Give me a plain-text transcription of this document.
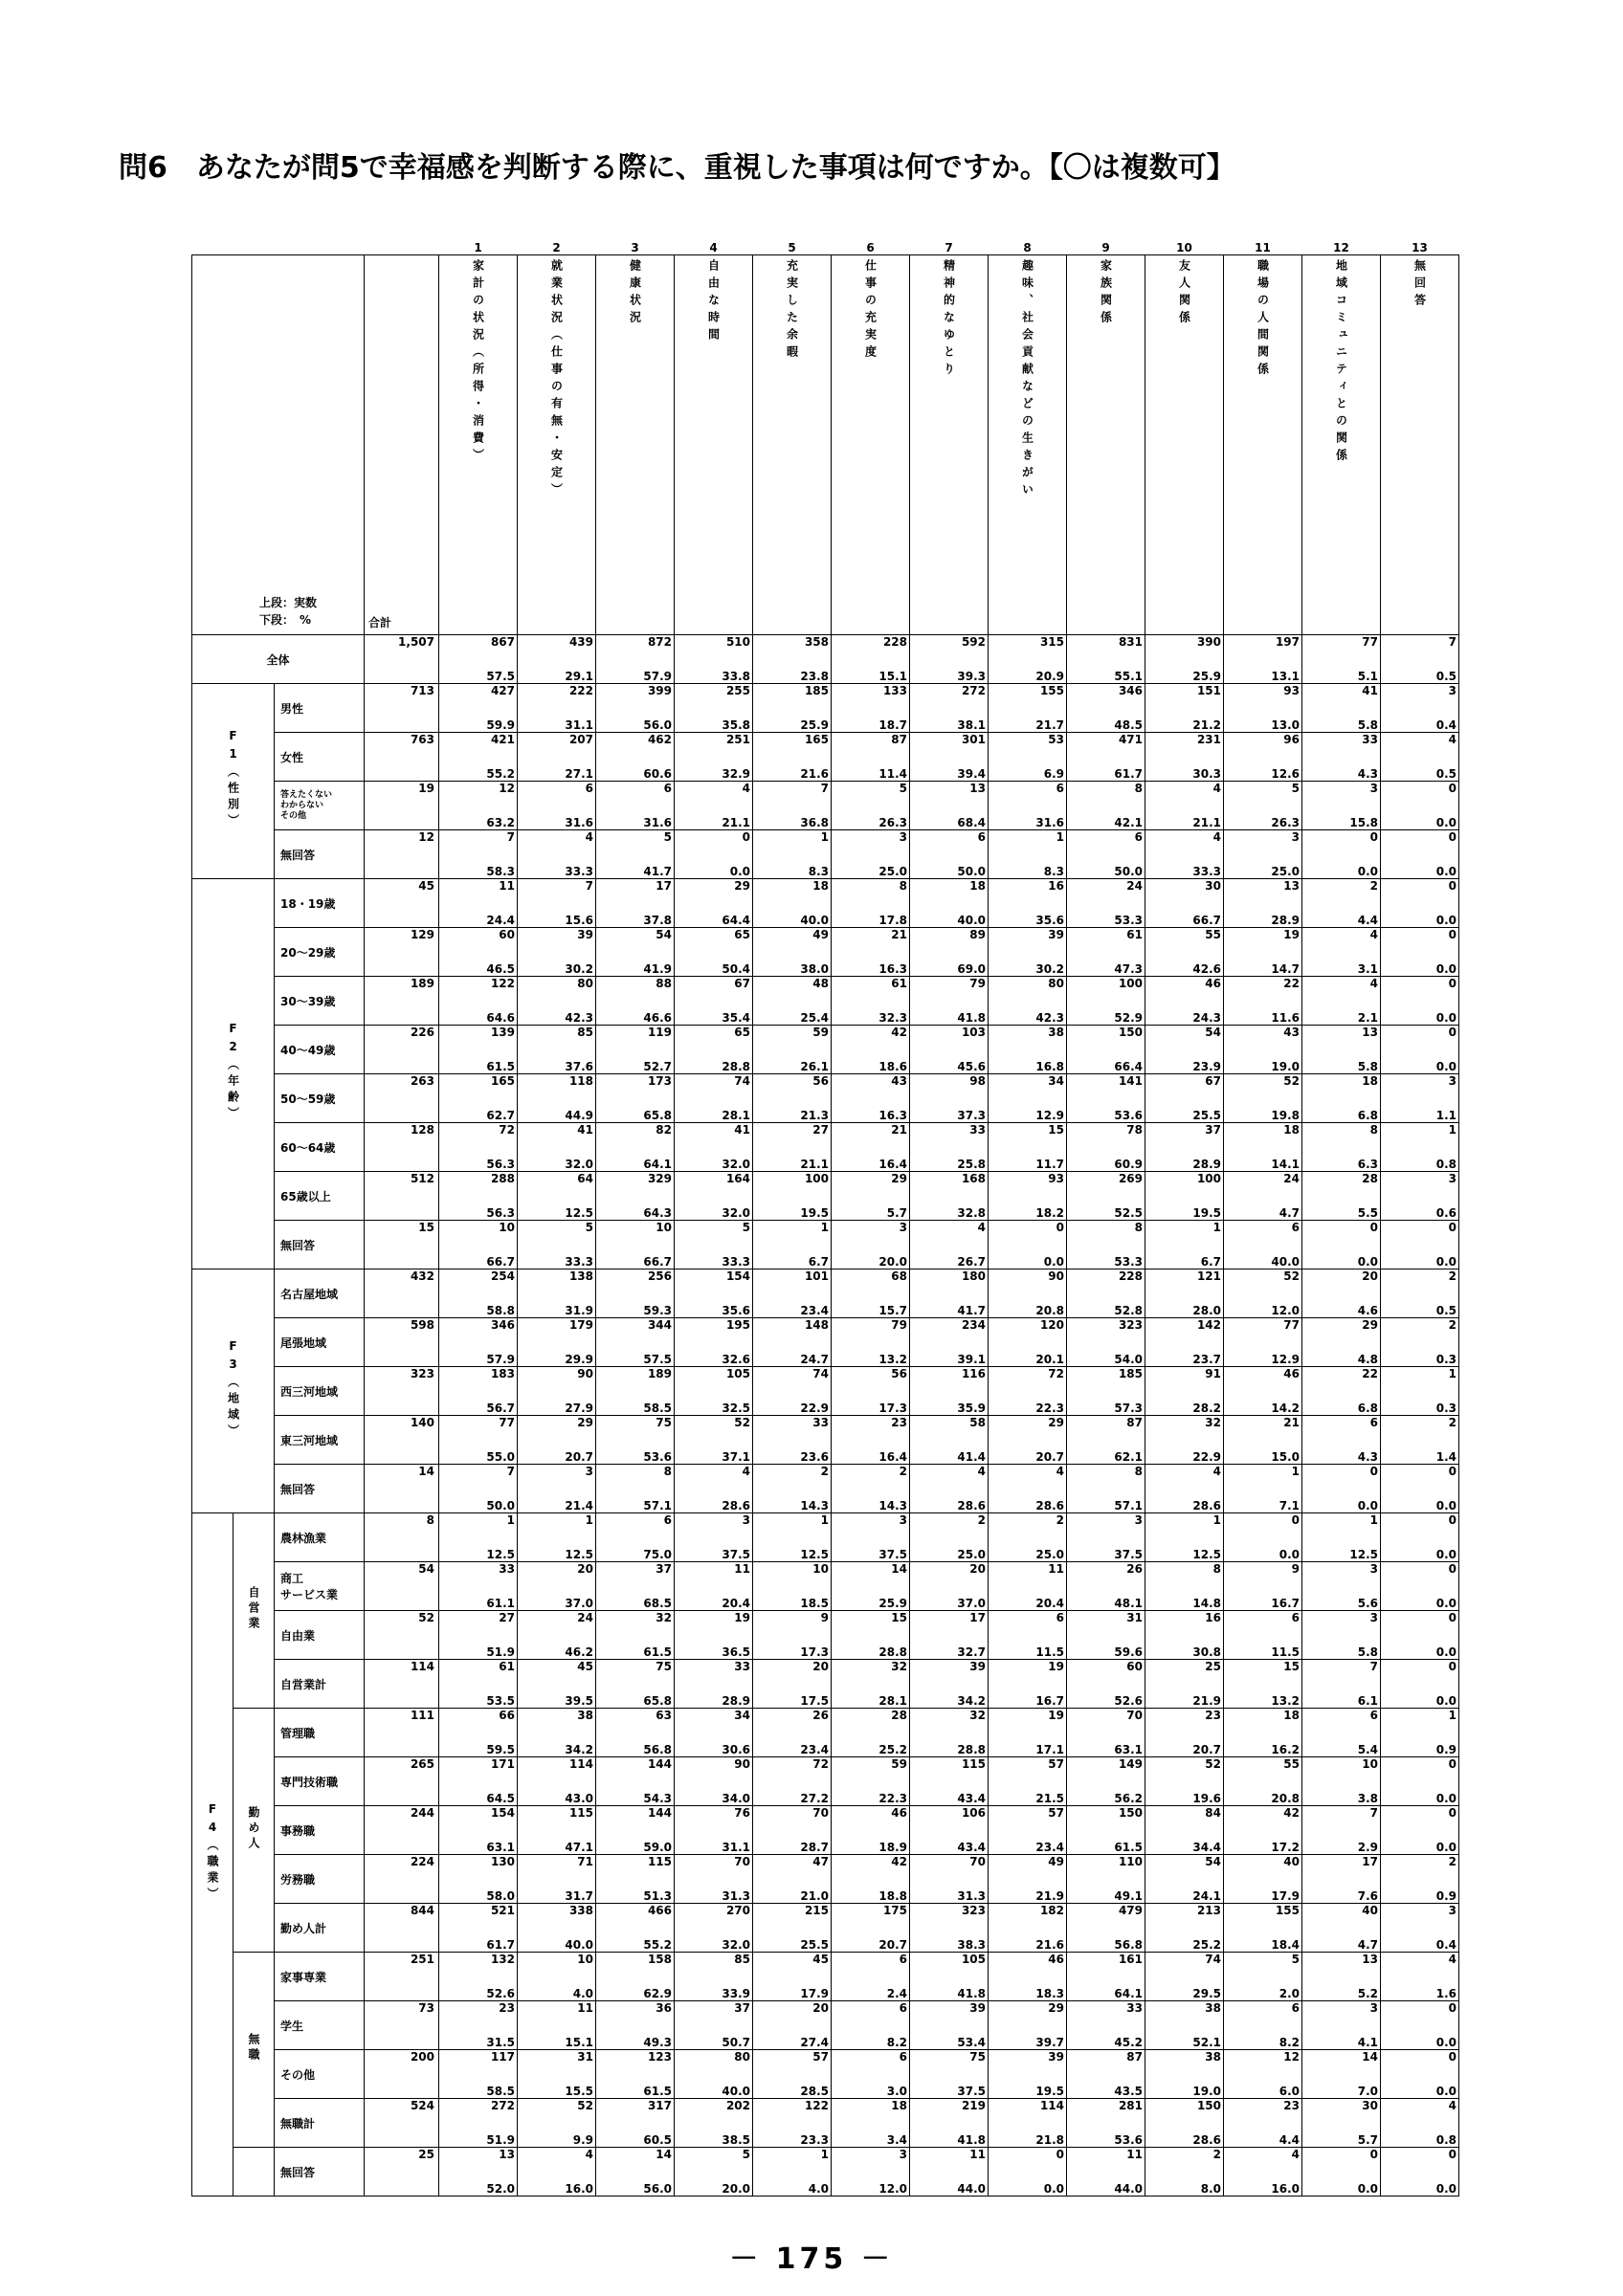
問6　あなたが問5で幸福感を判断する際に、重視した事項は何ですか。【〇は複数可】
				1	2	3	4	5	6	7	8	9	10	11	12	13

上段：実数
下段：　%			合計	家計の状況（所得・消費）	就業状況（仕事の有無・安定）	健康状況	自由な時間	充実した余暇	仕事の充実度	精神的なゆとり	趣味、社会貢献などの生きがい	家族関係	友人関係	職場の人間関係	地域コミュニティとの関係	無回答
全体			1,507	867	439	872	510	358	228	592	315	831	390	197	77	7
				57.5	29.1	57.9	33.8	23.8	15.1	39.3	20.9	55.1	25.9	13.1	5.1	0.5
F1（性別）		男性	713	427	222	399	255	185	133	272	155	346	151	93	41	3
				59.9	31.1	56.0	35.8	25.9	18.7	38.1	21.7	48.5	21.2	13.0	5.8	0.4
		女性	763	421	207	462	251	165	87	301	53	471	231	96	33	4
				55.2	27.1	60.6	32.9	21.6	11.4	39.4	6.9	61.7	30.3	12.6	4.3	0.5

		答えたくない
わからない
その他	19	12	6	6	4	7	5	13	6	8	4	5	3	0
				63.2	31.6	31.6	21.1	36.8	26.3	68.4	31.6	42.1	21.1	26.3	15.8	0.0
		無回答	12	7	4	5	0	1	3	6	1	6	4	3	0	0
				58.3	33.3	41.7	0.0	8.3	25.0	50.0	8.3	50.0	33.3	25.0	0.0	0.0
F2（年齢）		18・19歳	45	11	7	17	29	18	8	18	16	24	30	13	2	0
				24.4	15.6	37.8	64.4	40.0	17.8	40.0	35.6	53.3	66.7	28.9	4.4	0.0
		20〜29歳	129	60	39	54	65	49	21	89	39	61	55	19	4	0
				46.5	30.2	41.9	50.4	38.0	16.3	69.0	30.2	47.3	42.6	14.7	3.1	0.0
		30〜39歳	189	122	80	88	67	48	61	79	80	100	46	22	4	0
				64.6	42.3	46.6	35.4	25.4	32.3	41.8	42.3	52.9	24.3	11.6	2.1	0.0
		40〜49歳	226	139	85	119	65	59	42	103	38	150	54	43	13	0
				61.5	37.6	52.7	28.8	26.1	18.6	45.6	16.8	66.4	23.9	19.0	5.8	0.0
		50〜59歳	263	165	118	173	74	56	43	98	34	141	67	52	18	3
				62.7	44.9	65.8	28.1	21.3	16.3	37.3	12.9	53.6	25.5	19.8	6.8	1.1
		60〜64歳	128	72	41	82	41	27	21	33	15	78	37	18	8	1
				56.3	32.0	64.1	32.0	21.1	16.4	25.8	11.7	60.9	28.9	14.1	6.3	0.8
		65歳以上	512	288	64	329	164	100	29	168	93	269	100	24	28	3
				56.3	12.5	64.3	32.0	19.5	5.7	32.8	18.2	52.5	19.5	4.7	5.5	0.6
		無回答	15	10	5	10	5	1	3	4	0	8	1	6	0	0
				66.7	33.3	66.7	33.3	6.7	20.0	26.7	0.0	53.3	6.7	40.0	0.0	0.0
F3（地域）		名古屋地域	432	254	138	256	154	101	68	180	90	228	121	52	20	2
				58.8	31.9	59.3	35.6	23.4	15.7	41.7	20.8	52.8	28.0	12.0	4.6	0.5
		尾張地域	598	346	179	344	195	148	79	234	120	323	142	77	29	2
				57.9	29.9	57.5	32.6	24.7	13.2	39.1	20.1	54.0	23.7	12.9	4.8	0.3
		西三河地域	323	183	90	189	105	74	56	116	72	185	91	46	22	1
				56.7	27.9	58.5	32.5	22.9	17.3	35.9	22.3	57.3	28.2	14.2	6.8	0.3
		東三河地域	140	77	29	75	52	33	23	58	29	87	32	21	6	2
				55.0	20.7	53.6	37.1	23.6	16.4	41.4	20.7	62.1	22.9	15.0	4.3	1.4
		無回答	14	7	3	8	4	2	2	4	4	8	4	1	0	0
				50.0	21.4	57.1	28.6	14.3	14.3	28.6	28.6	57.1	28.6	7.1	0.0	0.0
F4（職業）	自営業	農林漁業	8	1	1	6	3	1	3	2	2	3	1	0	1	0
				12.5	12.5	75.0	37.5	12.5	37.5	25.0	25.0	37.5	12.5	0.0	12.5	0.0

		商工
サービス業	54	33	20	37	11	10	14	20	11	26	8	9	3	0
				61.1	37.0	68.5	20.4	18.5	25.9	37.0	20.4	48.1	14.8	16.7	5.6	0.0
		自由業	52	27	24	32	19	9	15	17	6	31	16	6	3	0
				51.9	46.2	61.5	36.5	17.3	28.8	32.7	11.5	59.6	30.8	11.5	5.8	0.0
		自営業計	114	61	45	75	33	20	32	39	19	60	25	15	7	0
				53.5	39.5	65.8	28.9	17.5	28.1	34.2	16.7	52.6	21.9	13.2	6.1	0.0
	勤め人	管理職	111	66	38	63	34	26	28	32	19	70	23	18	6	1
				59.5	34.2	56.8	30.6	23.4	25.2	28.8	17.1	63.1	20.7	16.2	5.4	0.9
		専門技術職	265	171	114	144	90	72	59	115	57	149	52	55	10	0
				64.5	43.0	54.3	34.0	27.2	22.3	43.4	21.5	56.2	19.6	20.8	3.8	0.0
		事務職	244	154	115	144	76	70	46	106	57	150	84	42	7	0
				63.1	47.1	59.0	31.1	28.7	18.9	43.4	23.4	61.5	34.4	17.2	2.9	0.0
		労務職	224	130	71	115	70	47	42	70	49	110	54	40	17	2
				58.0	31.7	51.3	31.3	21.0	18.8	31.3	21.9	49.1	24.1	17.9	7.6	0.9
		勤め人計	844	521	338	466	270	215	175	323	182	479	213	155	40	3
				61.7	40.0	55.2	32.0	25.5	20.7	38.3	21.6	56.8	25.2	18.4	4.7	0.4
	無職	家事専業	251	132	10	158	85	45	6	105	46	161	74	5	13	4
				52.6	4.0	62.9	33.9	17.9	2.4	41.8	18.3	64.1	29.5	2.0	5.2	1.6
		学生	73	23	11	36	37	20	6	39	29	33	38	6	3	0
				31.5	15.1	49.3	50.7	27.4	8.2	53.4	39.7	45.2	52.1	8.2	4.1	0.0
		その他	200	117	31	123	80	57	6	75	39	87	38	12	14	0
				58.5	15.5	61.5	40.0	28.5	3.0	37.5	19.5	43.5	19.0	6.0	7.0	0.0
		無職計	524	272	52	317	202	122	18	219	114	281	150	23	30	4
				51.9	9.9	60.5	38.5	23.3	3.4	41.8	21.8	53.6	28.6	4.4	5.7	0.8
		無回答	25	13	4	14	5	1	3	11	0	11	2	4	0	0
				52.0	16.0	56.0	20.0	4.0	12.0	44.0	0.0	44.0	8.0	16.0	0.0	0.0
－ 175 －
